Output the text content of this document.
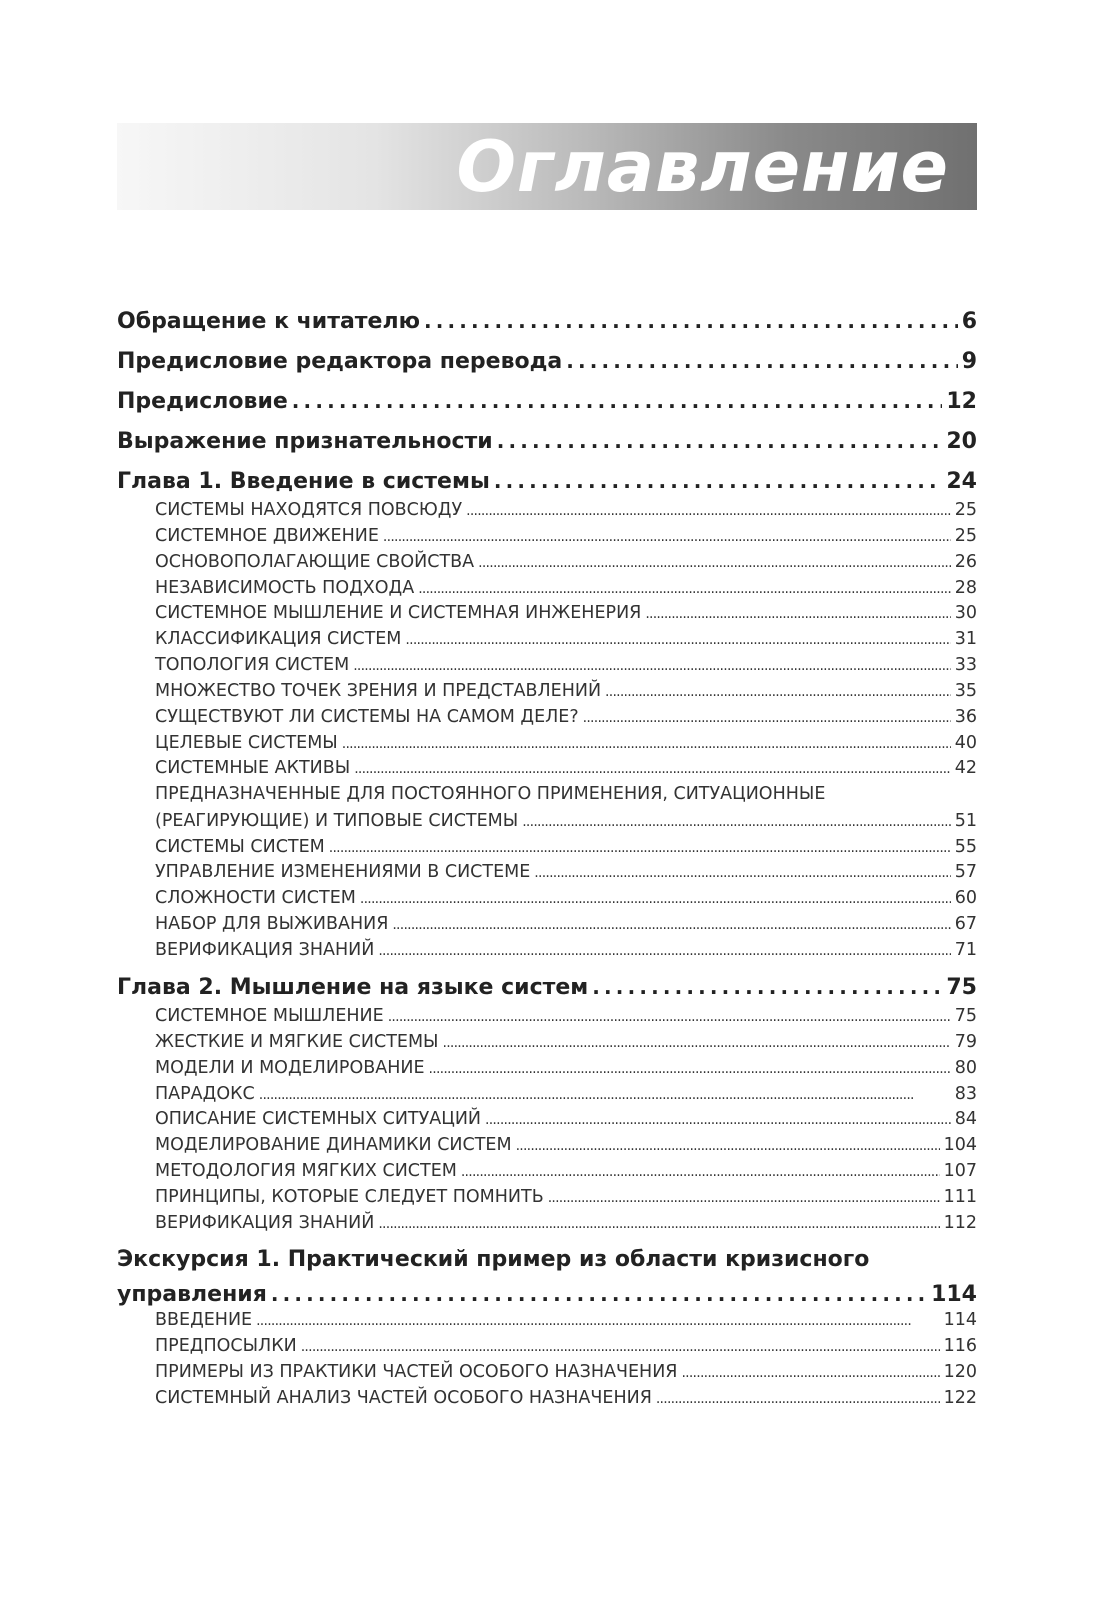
Оглавление
Обращение к читателю . . .	6
Предисловие редактора перевода . . .	9
Предисловие . . .	12
Выражение признательности . . .	20
Глава 1. Введение в системы . . .	24
СИСТЕМЫ НАХОДЯТСЯ ПОВСЮДУ . . .	25
СИСТЕМНОЕ ДВИЖЕНИЕ . . .	25
ОСНОВОПОЛАГАЮЩИЕ СВОЙСТВА . . .	26
НЕЗАВИСИМОСТЬ ПОДХОДА . . .	28
СИСТЕМНОЕ МЫШЛЕНИЕ И СИСТЕМНАЯ ИНЖЕНЕРИЯ . . .	30
КЛАССИФИКАЦИЯ СИСТЕМ . . .	31
ТОПОЛОГИЯ СИСТЕМ . . .	33
МНОЖЕСТВО ТОЧЕК ЗРЕНИЯ И ПРЕДСТАВЛЕНИЙ . . .	35
СУЩЕСТВУЮТ ЛИ СИСТЕМЫ НА САМОМ ДЕЛЕ? . . .	36
ЦЕЛЕВЫЕ СИСТЕМЫ . . .	40
СИСТЕМНЫЕ АКТИВЫ . . .	42
ПРЕДНАЗНАЧЕННЫЕ ДЛЯ ПОСТОЯННОГО ПРИМЕНЕНИЯ, СИТУАЦИОННЫЕ
(РЕАГИРУЮЩИЕ) И ТИПОВЫЕ СИСТЕМЫ . . .	51
СИСТЕМЫ СИСТЕМ . . .	55
УПРАВЛЕНИЕ ИЗМЕНЕНИЯМИ В СИСТЕМЕ . . .	57
СЛОЖНОСТИ СИСТЕМ . . .	60
НАБОР ДЛЯ ВЫЖИВАНИЯ . . .	67
ВЕРИФИКАЦИЯ ЗНАНИЙ . . .	71
Глава 2. Мышление на языке систем . . .	75
СИСТЕМНОЕ МЫШЛЕНИЕ . . .	75
ЖЕСТКИЕ И МЯГКИЕ СИСТЕМЫ . . .	79
МОДЕЛИ И МОДЕЛИРОВАНИЕ . . .	80
ПАРАДОКС . . .	83
ОПИСАНИЕ СИСТЕМНЫХ СИТУАЦИЙ . . .	84
МОДЕЛИРОВАНИЕ ДИНАМИКИ СИСТЕМ . . .	104
МЕТОДОЛОГИЯ МЯГКИХ СИСТЕМ . . .	107
ПРИНЦИПЫ, КОТОРЫЕ СЛЕДУЕТ ПОМНИТЬ . . .	111
ВЕРИФИКАЦИЯ ЗНАНИЙ . . .	112
Экскурсия 1. Практический пример из области кризисного
управления . . .	114
ВВЕДЕНИЕ . . .	114
ПРЕДПОСЫЛКИ . . .	116
ПРИМЕРЫ ИЗ ПРАКТИКИ ЧАСТЕЙ ОСОБОГО НАЗНАЧЕНИЯ . . .	120
СИСТЕМНЫЙ АНАЛИЗ ЧАСТЕЙ ОСОБОГО НАЗНАЧЕНИЯ . . .	122
